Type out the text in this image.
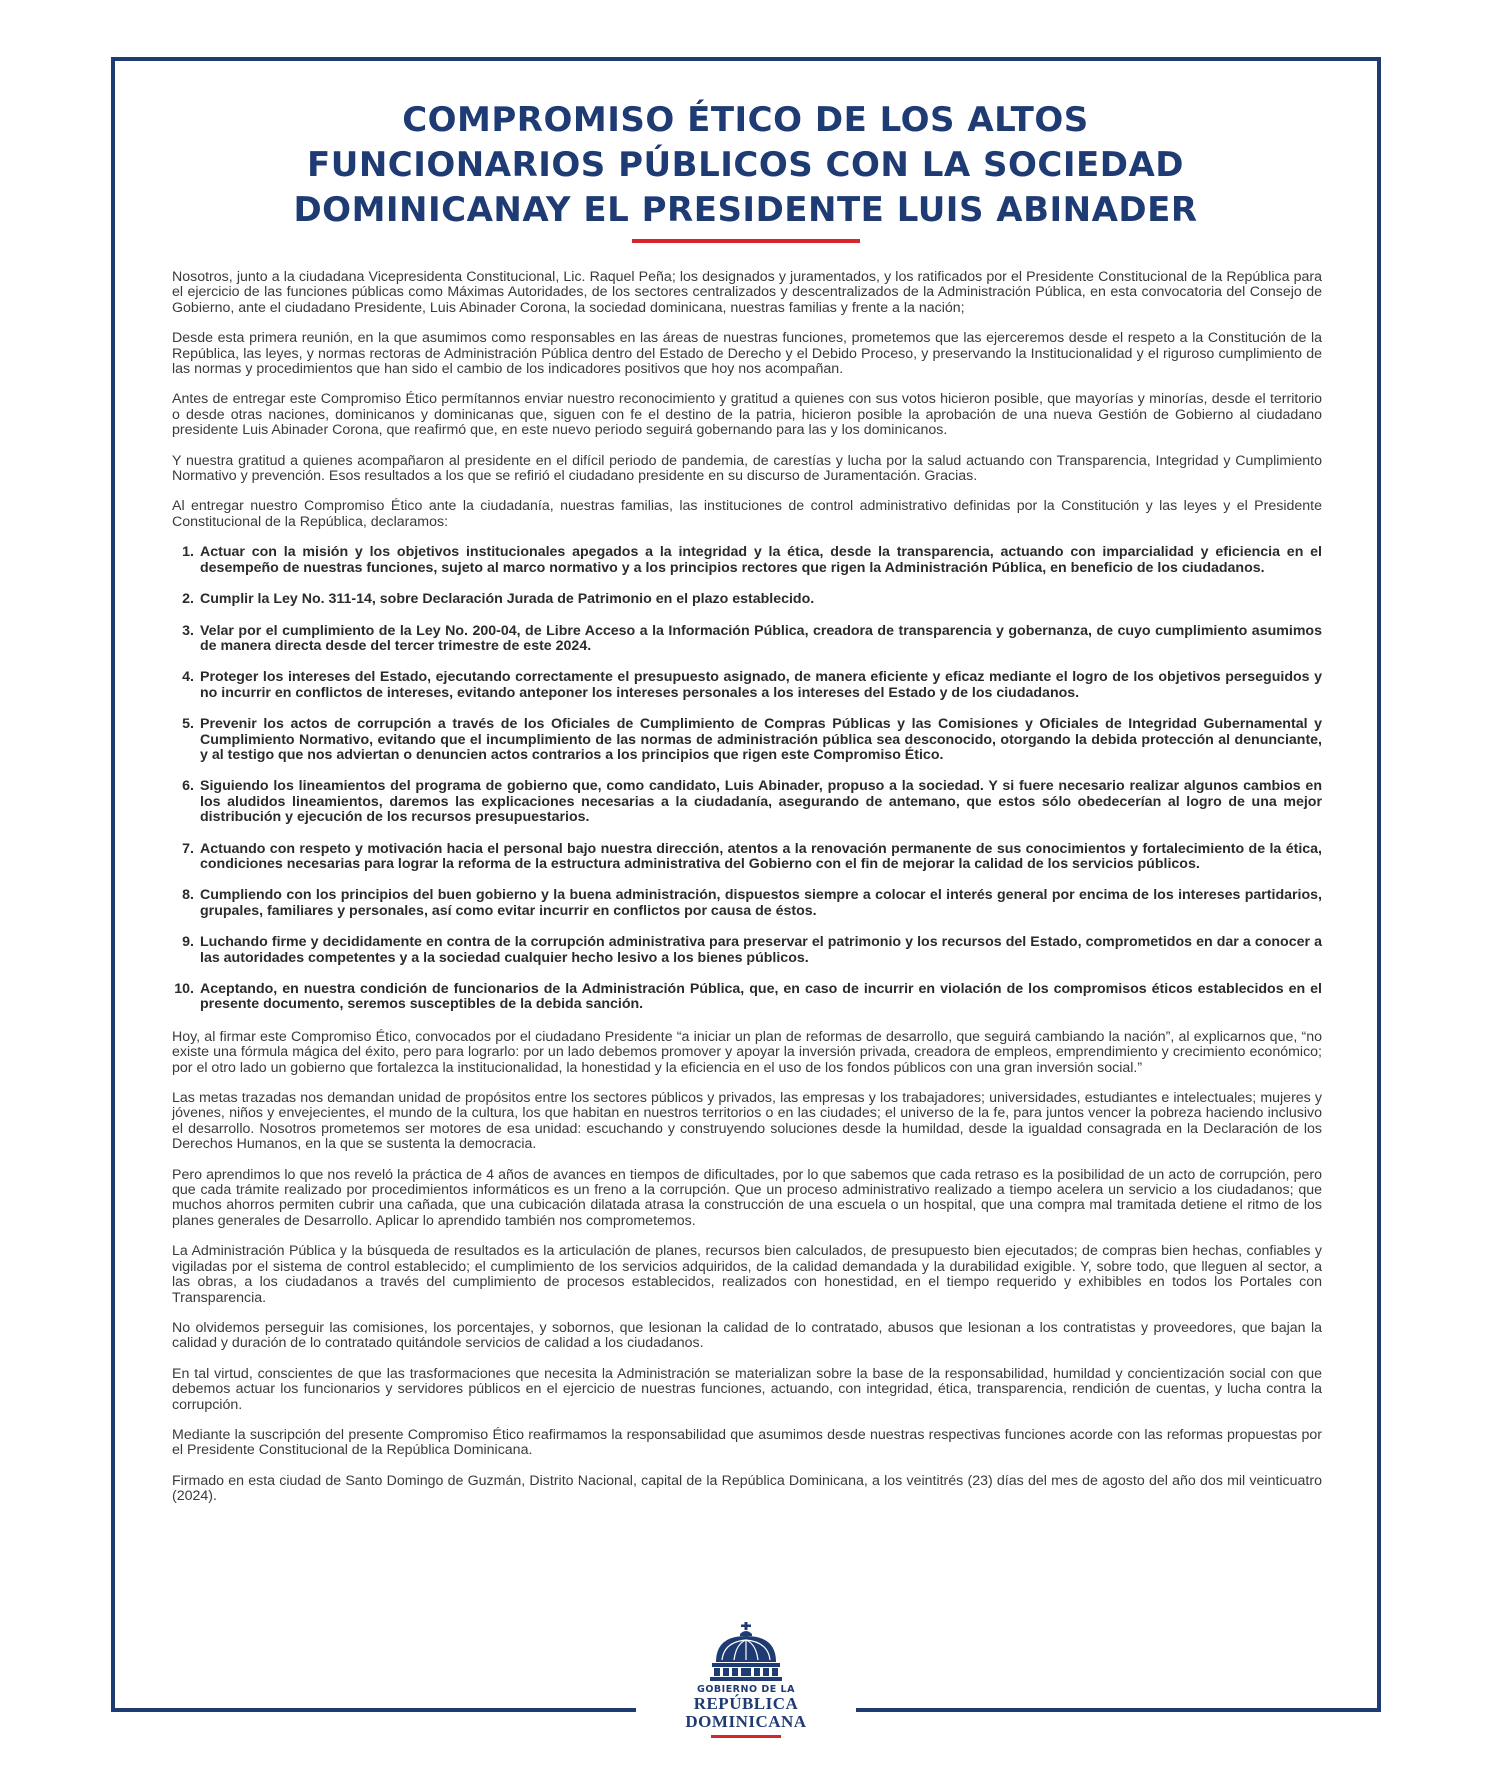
COMPROMISO ÉTICO DE LOS ALTOS
FUNCIONARIOS PÚBLICOS CON LA SOCIEDAD
DOMINICANAY EL PRESIDENTE LUIS ABINADER

Nosotros, junto a la ciudadana Vicepresidenta Constitucional, Lic. Raquel Peña; los designados y juramentados, y los ratificados por el Presidente Constitucional de la República para el ejercicio de las funciones públicas como Máximas Autoridades, de los sectores centralizados y descentralizados de la Administración Pública, en esta convocatoria del Consejo de Gobierno, ante el ciudadano Presidente, Luis Abinader Corona, la sociedad dominicana, nuestras familias y frente a la nación;

Desde esta primera reunión, en la que asumimos como responsables en las áreas de nuestras funciones, prometemos que las ejerceremos desde el respeto a la Constitución de la República, las leyes, y normas rectoras de Administración Pública dentro del Estado de Derecho y el Debido Proceso, y preservando la Institucionalidad y el riguroso cumplimiento de las normas y procedimientos que han sido el cambio de los indicadores positivos que hoy nos acompañan.

Antes de entregar este Compromiso Ético permítannos enviar nuestro reconocimiento y gratitud a quienes con sus votos hicieron posible, que mayorías y minorías, desde el territorio o desde otras naciones, dominicanos y dominicanas que, siguen con fe el destino de la patria, hicieron posible la aprobación de una nueva Gestión de Gobierno al ciudadano presidente Luis Abinader Corona, que reafirmó que, en este nuevo periodo seguirá gobernando para las y los dominicanos.

Y nuestra gratitud a quienes acompañaron al presidente en el difícil periodo de pandemia, de carestías y lucha por la salud actuando con Transparencia, Integridad y Cumplimiento Normativo y prevención. Esos resultados a los que se refirió el ciudadano presidente en su discurso de Juramentación. Gracias.

Al entregar nuestro Compromiso Ético ante la ciudadanía, nuestras familias, las instituciones de control administrativo definidas por la Constitución y las leyes y el Presidente Constitucional de la República, declaramos:

1. Actuar con la misión y los objetivos institucionales apegados a la integridad y la ética, desde la transparencia, actuando con imparcialidad y eficiencia en el desempeño de nuestras funciones, sujeto al marco normativo y a los principios rectores que rigen la Administración Pública, en beneficio de los ciudadanos.
2. Cumplir la Ley No. 311-14, sobre Declaración Jurada de Patrimonio en el plazo establecido.
3. Velar por el cumplimiento de la Ley No. 200-04, de Libre Acceso a la Información Pública, creadora de transparencia y gobernanza, de cuyo cumplimiento asumimos de manera directa desde del tercer trimestre de este 2024.
4. Proteger los intereses del Estado, ejecutando correctamente el presupuesto asignado, de manera eficiente y eficaz mediante el logro de los objetivos perseguidos y no incurrir en conflictos de intereses, evitando anteponer los intereses personales a los intereses del Estado y de los ciudadanos.
5. Prevenir los actos de corrupción a través de los Oficiales de Cumplimiento de Compras Públicas y las Comisiones y Oficiales de Integridad Gubernamental y Cumplimiento Normativo, evitando que el incumplimiento de las normas de administración pública sea desconocido, otorgando la debida protección al denunciante, y al testigo que nos adviertan o denuncien actos contrarios a los principios que rigen este Compromiso Ético.
6. Siguiendo los lineamientos del programa de gobierno que, como candidato, Luis Abinader, propuso a la sociedad. Y si fuere necesario realizar algunos cambios en los aludidos lineamientos, daremos las explicaciones necesarias a la ciudadanía, asegurando de antemano, que estos sólo obedecerían al logro de una mejor distribución y ejecución de los recursos presupuestarios.
7. Actuando con respeto y motivación hacia el personal bajo nuestra dirección, atentos a la renovación permanente de sus conocimientos y fortalecimiento de la ética, condiciones necesarias para lograr la reforma de la estructura administrativa del Gobierno con el fin de mejorar la calidad de los servicios públicos.
8. Cumpliendo con los principios del buen gobierno y la buena administración, dispuestos siempre a colocar el interés general por encima de los intereses partidarios, grupales, familiares y personales, así como evitar incurrir en conflictos por causa de éstos.
9. Luchando firme y decididamente en contra de la corrupción administrativa para preservar el patrimonio y los recursos del Estado, comprometidos en dar a conocer a las autoridades competentes y a la sociedad cualquier hecho lesivo a los bienes públicos.
10. Aceptando, en nuestra condición de funcionarios de la Administración Pública, que, en caso de incurrir en violación de los compromisos éticos establecidos en el presente documento, seremos susceptibles de la debida sanción.

Hoy, al firmar este Compromiso Ético, convocados por el ciudadano Presidente “a iniciar un plan de reformas de desarrollo, que seguirá cambiando la nación”, al explicarnos que, “no existe una fórmula mágica del éxito, pero para lograrlo: por un lado debemos promover y apoyar la inversión privada, creadora de empleos, emprendimiento y crecimiento económico; por el otro lado un gobierno que fortalezca la institucionalidad, la honestidad y la eficiencia en el uso de los fondos públicos con una gran inversión social.”

Las metas trazadas nos demandan unidad de propósitos entre los sectores públicos y privados, las empresas y los trabajadores; universidades, estudiantes e intelectuales; mujeres y jóvenes, niños y envejecientes, el mundo de la cultura, los que habitan en nuestros territorios o en las ciudades; el universo de la fe, para juntos vencer la pobreza haciendo inclusivo el desarrollo. Nosotros prometemos ser motores de esa unidad: escuchando y construyendo soluciones desde la humildad, desde la igualdad consagrada en la Declaración de los Derechos Humanos, en la que se sustenta la democracia.

Pero aprendimos lo que nos reveló la práctica de 4 años de avances en tiempos de dificultades, por lo que sabemos que cada retraso es la posibilidad de un acto de corrupción, pero que cada trámite realizado por procedimientos informáticos es un freno a la corrupción. Que un proceso administrativo realizado a tiempo acelera un servicio a los ciudadanos; que muchos ahorros permiten cubrir una cañada, que una cubicación dilatada atrasa la construcción de una escuela o un hospital, que una compra mal tramitada detiene el ritmo de los planes generales de Desarrollo. Aplicar lo aprendido también nos comprometemos.

La Administración Pública y la búsqueda de resultados es la articulación de planes, recursos bien calculados, de presupuesto bien ejecutados; de compras bien hechas, confiables y vigiladas por el sistema de control establecido; el cumplimiento de los servicios adquiridos, de la calidad demandada y la durabilidad exigible. Y, sobre todo, que lleguen al sector, a las obras, a los ciudadanos a través del cumplimiento de procesos establecidos, realizados con honestidad, en el tiempo requerido y exhibibles en todos los Portales con Transparencia.

No olvidemos perseguir las comisiones, los porcentajes, y sobornos, que lesionan la calidad de lo contratado, abusos que lesionan a los contratistas y proveedores, que bajan la calidad y duración de lo contratado quitándole servicios de calidad a los ciudadanos.

En tal virtud, conscientes de que las trasformaciones que necesita la Administración se materializan sobre la base de la responsabilidad, humildad y concientización social con que debemos actuar los funcionarios y servidores públicos en el ejercicio de nuestras funciones, actuando, con integridad, ética, transparencia, rendición de cuentas, y lucha contra la corrupción.

Mediante la suscripción del presente Compromiso Ético reafirmamos la responsabilidad que asumimos desde nuestras respectivas funciones acorde con las reformas propuestas por el Presidente Constitucional de la República Dominicana.

Firmado en esta ciudad de Santo Domingo de Guzmán, Distrito Nacional, capital de la República Dominicana, a los veintitrés (23) días del mes de agosto del año dos mil veinticuatro (2024).

GOBIERNO DE LA
REPÚBLICA DOMINICANA
